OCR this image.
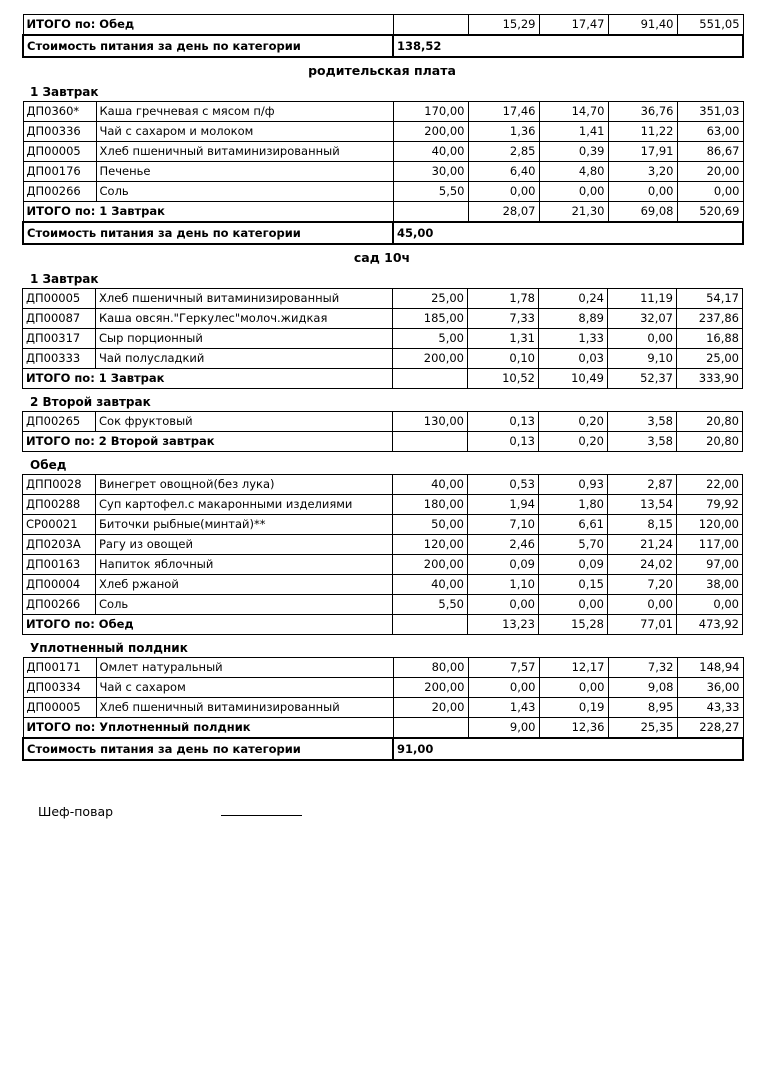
ИТОГО по: Обед		15,29	17,47	91,40	551,05
Стоимость питания за день по категории	138,52				
родительская плата
1 Завтрак
ДП0360*	Каша гречневая с мясом п/ф	170,00	17,46	14,70	36,76	351,03
ДП00336	Чай с сахаром и молоком	200,00	1,36	1,41	11,22	63,00
ДП00005	Хлеб пшеничный витаминизированный	40,00	2,85	0,39	17,91	86,67
ДП00176	Печенье	30,00	6,40	4,80	3,20	20,00
ДП00266	Соль	5,50	0,00	0,00	0,00	0,00
ИТОГО по: 1 Завтрак			28,07	21,30	69,08	520,69
Стоимость питания за день по категории		45,00				
сад 10ч
1 Завтрак
ДП00005	Хлеб пшеничный витаминизированный	25,00	1,78	0,24	11,19	54,17
ДП00087	Каша овсян."Геркулес"молоч.жидкая	185,00	7,33	8,89	32,07	237,86
ДП00317	Сыр порционный	5,00	1,31	1,33	0,00	16,88
ДП00333	Чай полусладкий	200,00	0,10	0,03	9,10	25,00
ИТОГО по: 1 Завтрак			10,52	10,49	52,37	333,90
2 Второй завтрак
ДП00265	Сок фруктовый	130,00	0,13	0,20	3,58	20,80
ИТОГО по: 2 Второй завтрак			0,13	0,20	3,58	20,80
Обед
ДПП0028	Винегрет овощной(без лука)	40,00	0,53	0,93	2,87	22,00
ДП00288	Суп картофел.с макаронными изделиями	180,00	1,94	1,80	13,54	79,92
СР00021	Биточки рыбные(минтай)**	50,00	7,10	6,61	8,15	120,00
ДП0203А	Рагу из овощей	120,00	2,46	5,70	21,24	117,00
ДП00163	Напиток яблочный	200,00	0,09	0,09	24,02	97,00
ДП00004	Хлеб ржаной	40,00	1,10	0,15	7,20	38,00
ДП00266	Соль	5,50	0,00	0,00	0,00	0,00
ИТОГО по: Обед			13,23	15,28	77,01	473,92
Уплотненный полдник
ДП00171	Омлет натуральный	80,00	7,57	12,17	7,32	148,94
ДП00334	Чай с сахаром	200,00	0,00	0,00	9,08	36,00
ДП00005	Хлеб пшеничный витаминизированный	20,00	1,43	0,19	8,95	43,33
ИТОГО по: Уплотненный полдник			9,00	12,36	25,35	228,27
Стоимость питания за день по категории		91,00				
Шеф-повар
